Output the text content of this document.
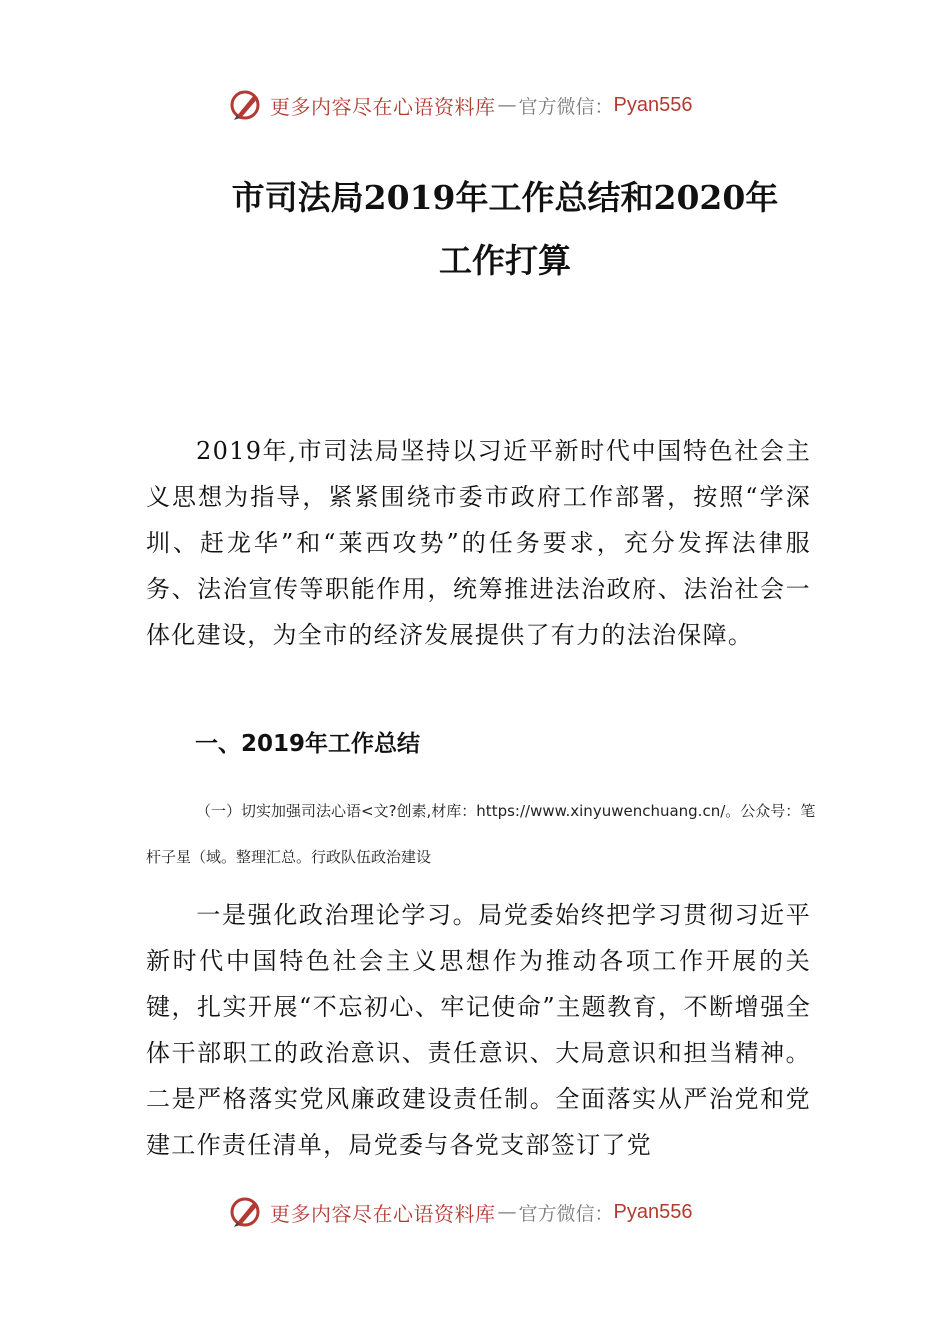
更多内容尽在心语资料库 — 官方微信： Pyan556
市司法局2019年工作总结和2020年
工作打算
2019年,市司法局坚持以习近平新时代中国特色社会主义思想为指导，紧紧围绕市委市政府工作部署，按照“学深圳、赶龙华”和“莱西攻势”的任务要求，充分发挥法律服务、法治宣传等职能作用，统筹推进法治政府、法治社会一体化建设，为全市的经济发展提供了有力的法治保障。
一、2019年工作总结
（一）切实加强司法心语<文?创素,材库：https://www.xinyuwenchuang.cn/。公众号：笔杆子星（域。整理汇总。行政队伍政治建设
一是强化政治理论学习。局党委始终把学习贯彻习近平新时代中国特色社会主义思想作为推动各项工作开展的关键，扎实开展“不忘初心、牢记使命”主题教育，不断增强全体干部职工的政治意识、责任意识、大局意识和担当精神。二是严格落实党风廉政建设责任制。全面落实从严治党和党建工作责任清单，局党委与各党支部签订了党
更多内容尽在心语资料库 — 官方微信： Pyan556
